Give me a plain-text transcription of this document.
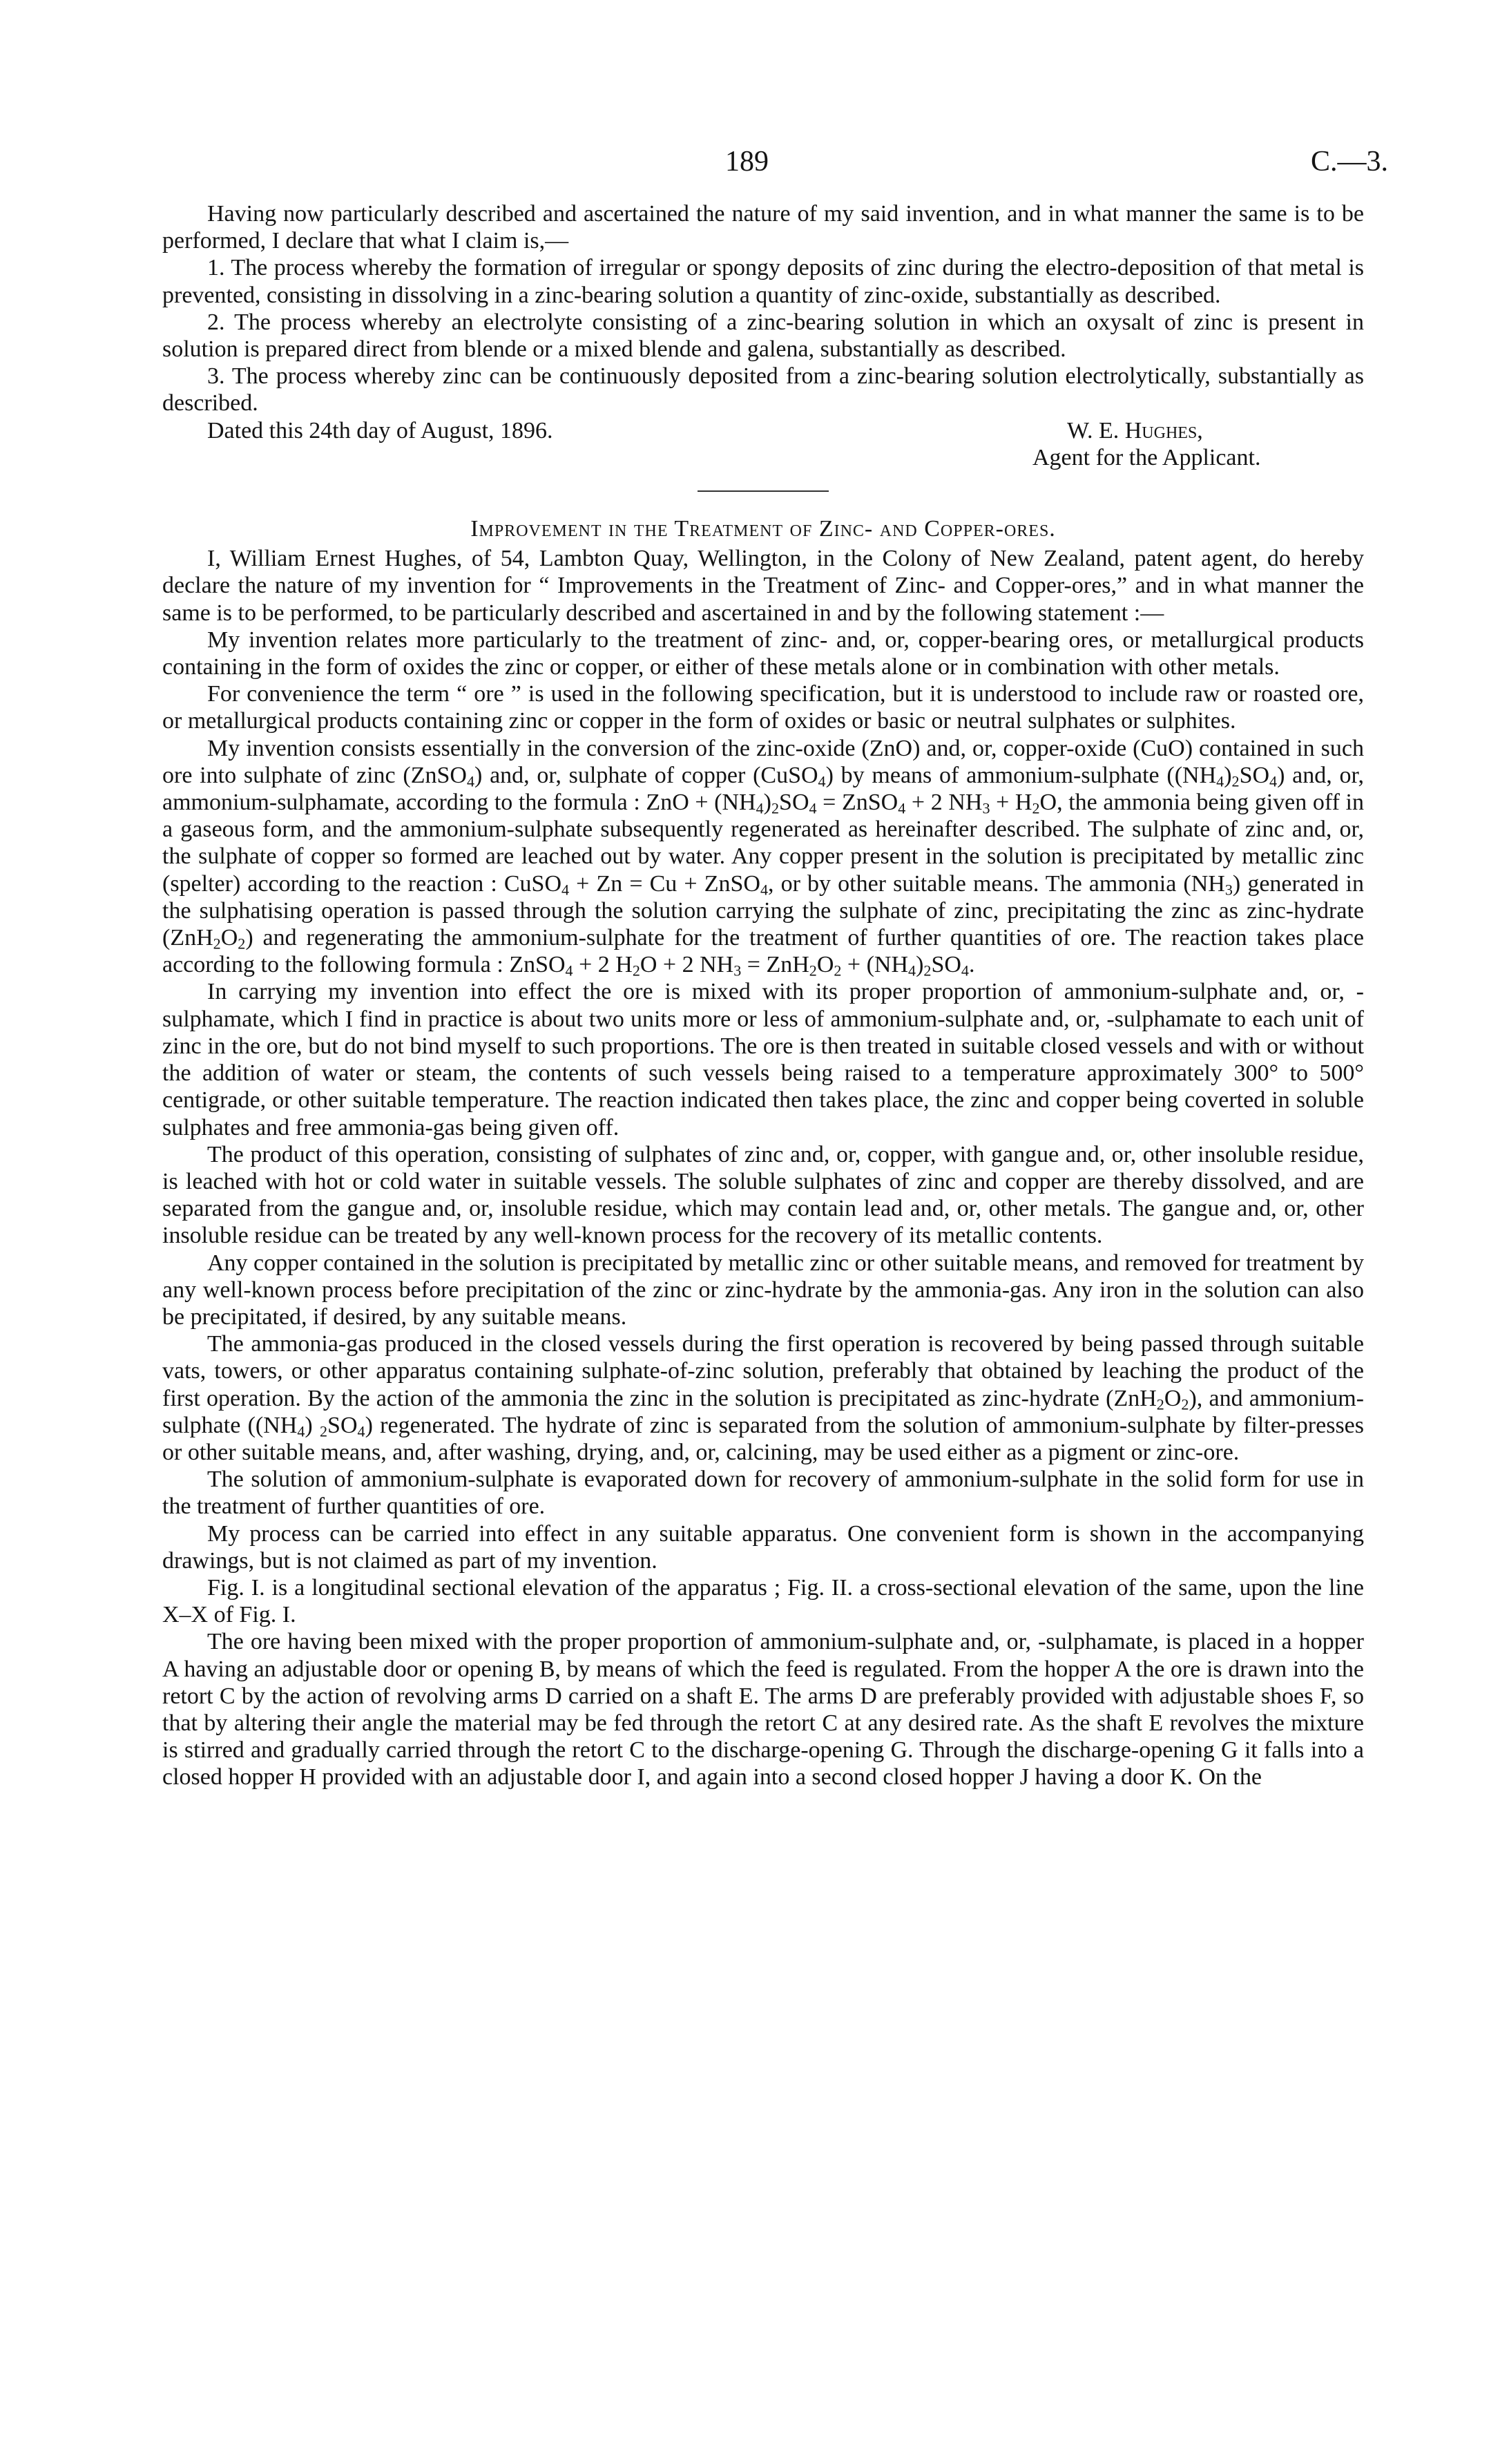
189	C.—3.

Having now particularly described and ascertained the nature of my said invention, and in what manner the same is to be performed, I declare that what I claim is,—

1. The process whereby the formation of irregular or spongy deposits of zinc during the electro-deposition of that metal is prevented, consisting in dissolving in a zinc-bearing solution a quantity of zinc-oxide, substantially as described.

2. The process whereby an electrolyte consisting of a zinc-bearing solution in which an oxysalt of zinc is present in solution is prepared direct from blende or a mixed blende and galena, substantially as described.

3. The process whereby zinc can be continuously deposited from a zinc-bearing solution electrolytically, substantially as described.

Dated this 24th day of August, 1896.	W. E. Hughes,

Agent for the Applicant.

Improvement in the Treatment of Zinc- and Copper-ores.

I, William Ernest Hughes, of 54, Lambton Quay, Wellington, in the Colony of New Zealand, patent agent, do hereby declare the nature of my invention for “ Improvements in the Treatment of Zinc- and Copper-ores,” and in what manner the same is to be performed, to be particularly described and ascertained in and by the following statement :—

My invention relates more particularly to the treatment of zinc- and, or, copper-bearing ores, or metallurgical products containing in the form of oxides the zinc or copper, or either of these metals alone or in combination with other metals.

For convenience the term “ ore ” is used in the following specification, but it is understood to include raw or roasted ore, or metallurgical products containing zinc or copper in the form of oxides or basic or neutral sulphates or sulphites.

My invention consists essentially in the conversion of the zinc-oxide (ZnO) and, or, copper-oxide (CuO) contained in such ore into sulphate of zinc (ZnSO$_4$) and, or, sulphate of copper (CuSO$_4$) by means of ammonium-sulphate $((NH_4)_2SO_4)$ and, or, ammonium-sulphamate, according to the formula : ZnO + $(NH_4)_2SO_4$ = ZnSO$_4$ + 2 $NH_3 + H_2O$, the ammonia being given off in a gaseous form, and the ammonium-sulphate subsequently regenerated as hereinafter described. The sulphate of zinc and, or, the sulphate of copper so formed are leached out by water. Any copper present in the solution is precipitated by metallic zinc (spelter) according to the reaction : CuSO$_4$ + Zn = Cu + ZnSO$_4$, or by other suitable means. The ammonia $(NH_3)$ generated in the sulphatising operation is passed through the solution carrying the sulphate of zinc, precipitating the zinc as zinc-hydrate $(ZnH_2O_2)$ and regenerating the ammonium-sulphate for the treatment of further quantities of ore. The reaction takes place according to the following formula : ZnSO$_4$ + 2 $H_2O + 2$ $NH_3 = ZnH_2O_2 + (NH_4)_2SO_4$.

In carrying my invention into effect the ore is mixed with its proper proportion of ammonium-sulphate and, or, -sulphamate, which I find in practice is about two units more or less of ammonium-sulphate and, or, -sulphamate to each unit of zinc in the ore, but do not bind myself to such proportions. The ore is then treated in suitable closed vessels and with or without the addition of water or steam, the contents of such vessels being raised to a temperature approximately 300° to 500° centigrade, or other suitable temperature. The reaction indicated then takes place, the zinc and copper being coverted in soluble sulphates and free ammonia-gas being given off.

The product of this operation, consisting of sulphates of zinc and, or, copper, with gangue and, or, other insoluble residue, is leached with hot or cold water in suitable vessels. The soluble sulphates of zinc and copper are thereby dissolved, and are separated from the gangue and, or, insoluble residue, which may contain lead and, or, other metals. The gangue and, or, other insoluble residue can be treated by any well-known process for the recovery of its metallic contents.

Any copper contained in the solution is precipitated by metallic zinc or other suitable means, and removed for treatment by any well-known process before precipitation of the zinc or zinc-hydrate by the ammonia-gas. Any iron in the solution can also be precipitated, if desired, by any suitable means.

The ammonia-gas produced in the closed vessels during the first operation is recovered by being passed through suitable vats, towers, or other apparatus containing sulphate-of-zinc solution, preferably that obtained by leaching the product of the first operation. By the action of the ammonia the zinc in the solution is precipitated as zinc-hydrate $(ZnH_2O_2)$, and ammonium-sulphate ($(NH_4)$ $_2SO_4$) regenerated. The hydrate of zinc is separated from the solution of ammonium-sulphate by filter-presses or other suitable means, and, after washing, drying, and, or, calcining, may be used either as a pigment or zinc-ore.

The solution of ammonium-sulphate is evaporated down for recovery of ammonium-sulphate in the solid form for use in the treatment of further quantities of ore.

My process can be carried into effect in any suitable apparatus. One convenient form is shown in the accompanying drawings, but is not claimed as part of my invention.

Fig. I. is a longitudinal sectional elevation of the apparatus ; Fig. II. a cross-sectional elevation of the same, upon the line X–X of Fig. I.

The ore having been mixed with the proper proportion of ammonium-sulphate and, or, -sulphamate, is placed in a hopper A having an adjustable door or opening B, by means of which the feed is regulated. From the hopper A the ore is drawn into the retort C by the action of revolving arms D carried on a shaft E. The arms D are preferably provided with adjustable shoes F, so that by altering their angle the material may be fed through the retort C at any desired rate. As the shaft E revolves the mixture is stirred and gradually carried through the retort C to the discharge-opening G. Through the discharge-opening G it falls into a closed hopper H provided with an adjustable door I, and again into a second closed hopper J having a door K. On the
